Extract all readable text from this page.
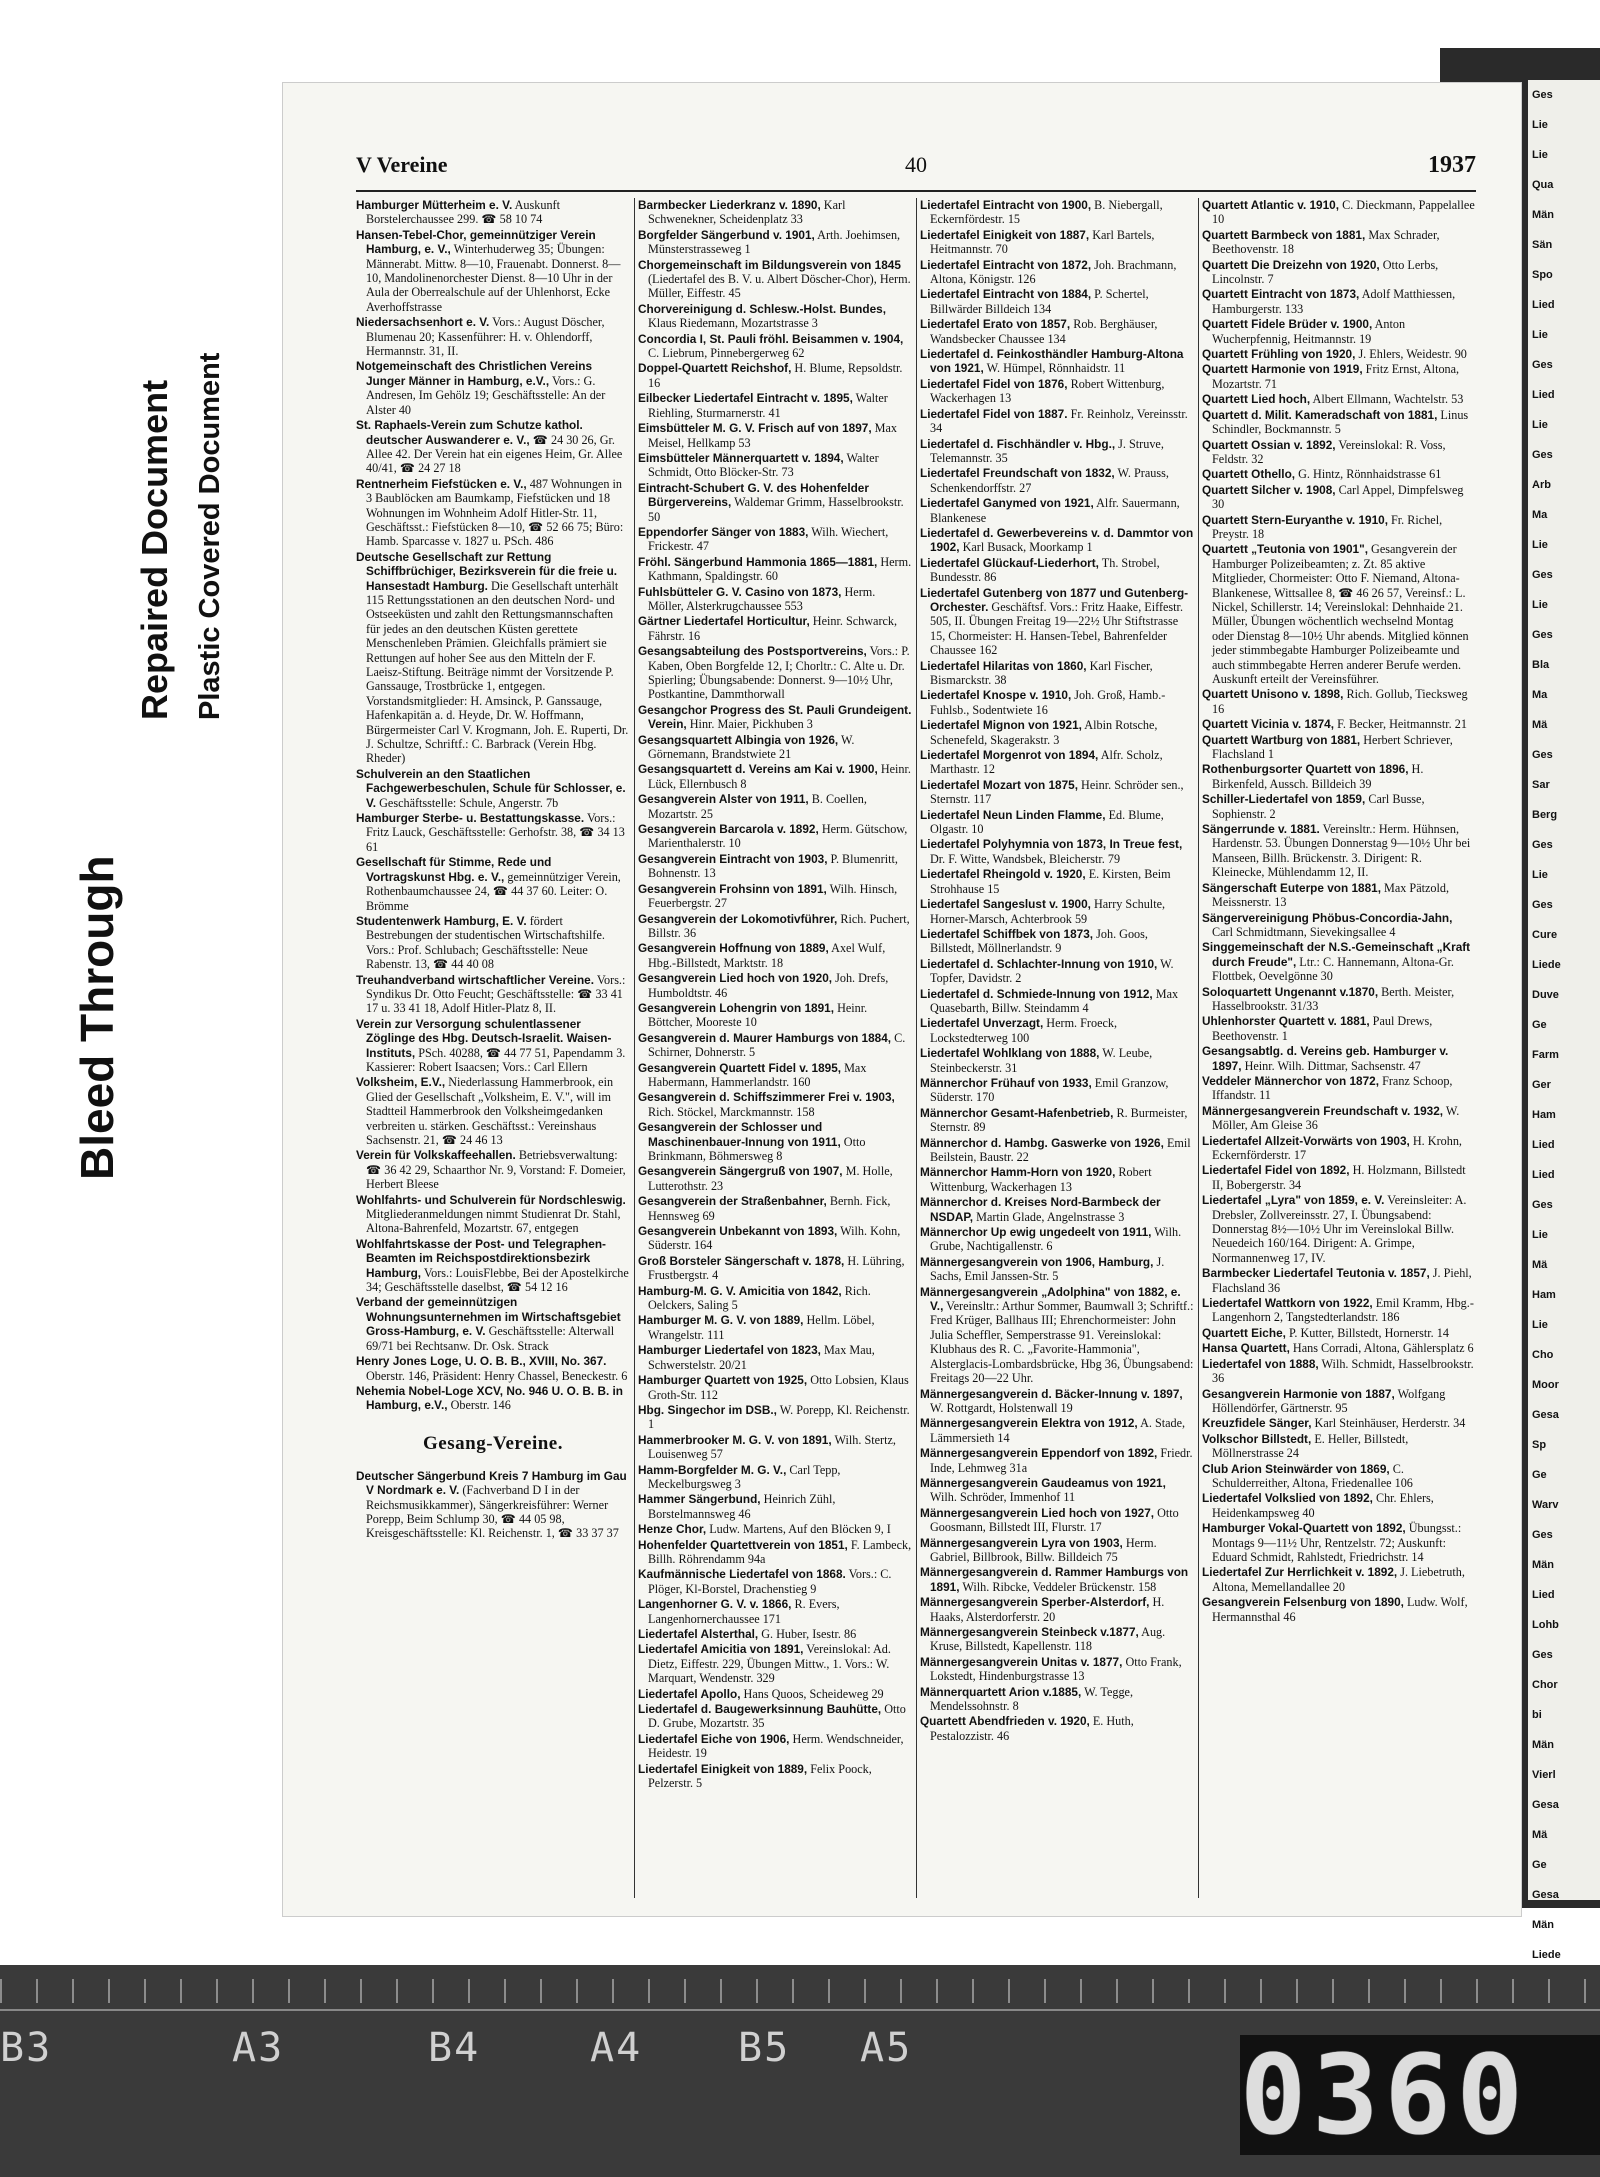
Bleed Through
Repaired Document Plastic Covered Document
Ges
Lie
Lie
Qua
Män
Sän
Spo
Lied
Lie
Ges
Lied
Lie
Ges
Arb
Ma
Lie
Ges
Lie
Ges
Bla
Ma
Mä
Ges
Sar
Berg
Ges
Lie
Ges
Cure
Liede
Duve
Ge
Farm
Ger
Ham
Lied
Lied
Ges
Lie
Mä
Ham
Lie
Cho
Moor
Gesa
Sp
Ge
Warv
Ges
Män
Lied
Lohb
Ges
Chor
bi
Män
Vierl
Gesa
Mä
Ge
Gesa
Män
Liede
V Vereine	40	1937
Hamburger Mütterheim e. V. Auskunft Borstelerchaussee 299. ☎ 58 10 74
Hansen-Tebel-Chor, gemeinnütziger Verein Hamburg, e. V., Winterhuderweg 35; Übungen: Männerabt. Mittw. 8—10, Frauenabt. Donnerst. 8—10, Mandolinenorchester Dienst. 8—10 Uhr in der Aula der Oberrealschule auf der Uhlenhorst, Ecke Averhoffstrasse
Niedersachsenhort e. V. Vors.: August Döscher, Blumenau 20; Kassenführer: H. v. Ohlendorff, Hermannstr. 31, II.
Notgemeinschaft des Christlichen Vereins Junger Männer in Hamburg, e.V., Vors.: G. Andresen, Im Gehölz 19; Geschäftsstelle: An der Alster 40
St. Raphaels-Verein zum Schutze kathol. deutscher Auswanderer e. V., ☎ 24 30 26, Gr. Allee 42. Der Verein hat ein eigenes Heim, Gr. Allee 40/41, ☎ 24 27 18
Rentnerheim Fiefstücken e. V., 487 Wohnungen in 3 Baublöcken am Baumkamp, Fiefstücken und 18 Wohnungen im Wohnheim Adolf Hitler-Str. 11, Geschäftsst.: Fiefstücken 8—10, ☎ 52 66 75; Büro: Hamb. Sparcasse v. 1827 u. PSch. 486
Deutsche Gesellschaft zur Rettung Schiffbrüchiger, Bezirksverein für die freie u. Hansestadt Hamburg. Die Gesellschaft unterhält 115 Rettungsstationen an den deutschen Nord- und Ostseeküsten und zahlt den Rettungsmannschaften für jedes an den deutschen Küsten gerettete Menschenleben Prämien. Gleichfalls prämiert sie Rettungen auf hoher See aus den Mitteln der F. Laeisz-Stiftung. Beiträge nimmt der Vorsitzende P. Ganssauge, Trostbrücke 1, entgegen. Vorstandsmitglieder: H. Amsinck, P. Ganssauge, Hafenkapitän a. d. Heyde, Dr. W. Hoffmann, Bürgermeister Carl V. Krogmann, Joh. E. Ruperti, Dr. J. Schultze, Schriftf.: C. Barbrack (Verein Hbg. Rheder)
Schulverein an den Staatlichen Fachgewerbeschulen, Schule für Schlosser, e. V. Geschäftsstelle: Schule, Angerstr. 7b
Hamburger Sterbe- u. Bestattungskasse. Vors.: Fritz Lauck, Geschäftsstelle: Gerhofstr. 38, ☎ 34 13 61
Gesellschaft für Stimme, Rede und Vortragskunst Hbg. e. V., gemeinnütziger Verein, Rothenbaumchaussee 24, ☎ 44 37 60. Leiter: O. Brömme
Studentenwerk Hamburg, E. V. fördert Bestrebungen der studentischen Wirtschaftshilfe. Vors.: Prof. Schlubach; Geschäftsstelle: Neue Rabenstr. 13, ☎ 44 40 08
Treuhandverband wirtschaftlicher Vereine. Vors.: Syndikus Dr. Otto Feucht; Geschäftsstelle: ☎ 33 41 17 u. 33 41 18, Adolf Hitler-Platz 8, II.
Verein zur Versorgung schulentlassener Zöglinge des Hbg. Deutsch-Israelit. Waisen-Instituts, PSch. 40288, ☎ 44 77 51, Papendamm 3. Kassierer: Robert Isaacsen; Vors.: Carl Ellern
Volksheim, E.V., Niederlassung Hammerbrook, ein Glied der Gesellschaft „Volksheim, E. V.", will im Stadtteil Hammerbrook den Volksheimgedanken verbreiten u. stärken. Geschäftsst.: Vereinshaus Sachsenstr. 21, ☎ 24 46 13
Verein für Volkskaffeehallen. Betriebsverwaltung: ☎ 36 42 29, Schaarthor Nr. 9, Vorstand: F. Domeier, Herbert Bleese
Wohlfahrts- und Schulverein für Nordschleswig. Mitgliederanmeldungen nimmt Studienrat Dr. Stahl, Altona-Bahrenfeld, Mozartstr. 67, entgegen
Wohlfahrtskasse der Post- und Telegraphen-Beamten im Reichspostdirektionsbezirk Hamburg, Vors.: LouisFlebbe, Bei der Apostelkirche 34; Geschäftsstelle daselbst, ☎ 54 12 16
Verband der gemeinnützigen Wohnungsunternehmen im Wirtschaftsgebiet Gross-Hamburg, e. V. Geschäftsstelle: Alterwall 69/71 bei Rechtsanw. Dr. Osk. Strack
Henry Jones Loge, U. O. B. B., XVIII, No. 367. Oberstr. 146, Präsident: Henry Chassel, Beneckestr. 6
Nehemia Nobel-Loge XCV, No. 946 U. O. B. B. in Hamburg, e.V., Oberstr. 146
Gesang-Vereine.
Deutscher Sängerbund Kreis 7 Hamburg im Gau V Nordmark e. V. (Fachverband D I in der Reichsmusikkammer), Sängerkreisführer: Werner Porepp, Beim Schlump 30, ☎ 44 05 98, Kreisgeschäftsstelle: Kl. Reichenstr. 1, ☎ 33 37 37
Barmbecker Liederkranz v. 1890, Karl Schwenekner, Scheidenplatz 33
Borgfelder Sängerbund v. 1901, Arth. Joehimsen, Münsterstrasseweg 1
Chorgemeinschaft im Bildungsverein von 1845 (Liedertafel des B. V. u. Albert Döscher-Chor), Herm. Müller, Eiffestr. 45
Chorvereinigung d. Schlesw.-Holst. Bundes, Klaus Riedemann, Mozartstrasse 3
Concordia I, St. Pauli fröhl. Beisammen v. 1904, C. Liebrum, Pinnebergerweg 62
Doppel-Quartett Reichshof, H. Blume, Repsoldstr. 16
Eilbecker Liedertafel Eintracht v. 1895, Walter Riehling, Sturmarnerstr. 41
Eimsbütteler M. G. V. Frisch auf von 1897, Max Meisel, Hellkamp 53
Eimsbütteler Männerquartett v. 1894, Walter Schmidt, Otto Blöcker-Str. 73
Eintracht-Schubert G. V. des Hohenfelder Bürgervereins, Waldemar Grimm, Hasselbrookstr. 50
Eppendorfer Sänger von 1883, Wilh. Wiechert, Frickestr. 47
Fröhl. Sängerbund Hammonia 1865—1881, Herm. Kathmann, Spaldingstr. 60
Fuhlsbütteler G. V. Casino von 1873, Herm. Möller, Alsterkrugchaussee 553
Gärtner Liedertafel Horticultur, Heinr. Schwarck, Fährstr. 16
Gesangsabteilung des Postsportvereins, Vors.: P. Kaben, Oben Borgfelde 12, I; Chorltr.: C. Alte u. Dr. Spierling; Übungsabende: Donnerst. 9—10½ Uhr, Postkantine, Dammthorwall
Gesangchor Progress des St. Pauli Grundeigent. Verein, Hinr. Maier, Pickhuben 3
Gesangsquartett Albingia von 1926, W. Görnemann, Brandstwiete 21
Gesangsquartett d. Vereins am Kai v. 1900, Heinr. Lück, Ellernbusch 8
Gesangverein Alster von 1911, B. Coellen, Mozartstr. 25
Gesangverein Barcarola v. 1892, Herm. Gütschow, Marienthalerstr. 10
Gesangverein Eintracht von 1903, P. Blumenritt, Bohnenstr. 13
Gesangverein Frohsinn von 1891, Wilh. Hinsch, Feuerbergstr. 27
Gesangverein der Lokomotivführer, Rich. Puchert, Billstr. 36
Gesangverein Hoffnung von 1889, Axel Wulf, Hbg.-Billstedt, Marktstr. 18
Gesangverein Lied hoch von 1920, Joh. Drefs, Humboldtstr. 46
Gesangverein Lohengrin von 1891, Heinr. Böttcher, Mooreste 10
Gesangverein d. Maurer Hamburgs von 1884, C. Schirner, Dohnerstr. 5
Gesangverein Quartett Fidel v. 1895, Max Habermann, Hammerlandstr. 160
Gesangverein d. Schiffszimmerer Frei v. 1903, Rich. Stöckel, Marckmannstr. 158
Gesangverein der Schlosser und Maschinenbauer-Innung von 1911, Otto Brinkmann, Böhmersweg 8
Gesangverein Sängergruß von 1907, M. Holle, Lutterothstr. 23
Gesangverein der Straßenbahner, Bernh. Fick, Hennsweg 69
Gesangverein Unbekannt von 1893, Wilh. Kohn, Süderstr. 164
Groß Borsteler Sängerschaft v. 1878, H. Lühring, Frustbergstr. 4
Hamburg-M. G. V. Amicitia von 1842, Rich. Oelckers, Saling 5
Hamburger M. G. V. von 1889, Hellm. Löbel, Wrangelstr. 111
Hamburger Liedertafel von 1823, Max Mau, Schwerstelstr. 20/21
Hamburger Quartett von 1925, Otto Lobsien, Klaus Groth-Str. 112
Hbg. Singechor im DSB., W. Porepp, Kl. Reichenstr. 1
Hammerbrooker M. G. V. von 1891, Wilh. Stertz, Louisenweg 57
Hamm-Borgfelder M. G. V., Carl Tepp, Meckelburgsweg 3
Hammer Sängerbund, Heinrich Zühl, Borstelmannsweg 46
Henze Chor, Ludw. Martens, Auf den Blöcken 9, I
Hohenfelder Quartettverein von 1851, F. Lambeck, Billh. Röhrendamm 94a
Kaufmännische Liedertafel von 1868. Vors.: C. Plöger, Kl-Borstel, Drachenstieg 9
Langenhorner G. V. v. 1866, R. Evers, Langenhornerchaussee 171
Liedertafel Alsterthal, G. Huber, Isestr. 86
Liedertafel Amicitia von 1891, Vereinslokal: Ad. Dietz, Eiffestr. 229, Übungen Mittw., 1. Vors.: W. Marquart, Wendenstr. 329
Liedertafel Apollo, Hans Quoos, Scheideweg 29
Liedertafel d. Baugewerksinnung Bauhütte, Otto D. Grube, Mozartstr. 35
Liedertafel Eiche von 1906, Herm. Wendschneider, Heidestr. 19
Liedertafel Einigkeit von 1889, Felix Poock, Pelzerstr. 5
Liedertafel Eintracht von 1900, B. Niebergall, Eckernfördestr. 15
Liedertafel Einigkeit von 1887, Karl Bartels, Heitmannstr. 70
Liedertafel Eintracht von 1872, Joh. Brachmann, Altona, Königstr. 126
Liedertafel Eintracht von 1884, P. Schertel, Billwärder Billdeich 134
Liedertafel Erato von 1857, Rob. Berghäuser, Wandsbecker Chaussee 134
Liedertafel d. Feinkosthändler Hamburg-Altona von 1921, W. Hümpel, Rönnhaidstr. 11
Liedertafel Fidel von 1876, Robert Wittenburg, Wackerhagen 13
Liedertafel Fidel von 1887. Fr. Reinholz, Vereinsstr. 34
Liedertafel d. Fischhändler v. Hbg., J. Struve, Telemannstr. 35
Liedertafel Freundschaft von 1832, W. Prauss, Schenkendorffstr. 27
Liedertafel Ganymed von 1921, Alfr. Sauermann, Blankenese
Liedertafel d. Gewerbevereins v. d. Dammtor von 1902, Karl Busack, Moorkamp 1
Liedertafel Glückauf-Liederhort, Th. Strobel, Bundesstr. 86
Liedertafel Gutenberg von 1877 und Gutenberg-Orchester. Geschäftsf. Vors.: Fritz Haake, Eiffestr. 505, II. Übungen Freitag 19—22½ Uhr Stiftstrasse 15, Chormeister: H. Hansen-Tebel, Bahrenfelder Chaussee 162
Liedertafel Hilaritas von 1860, Karl Fischer, Bismarckstr. 38
Liedertafel Knospe v. 1910, Joh. Groß, Hamb.-Fuhlsb., Sodentwiete 16
Liedertafel Mignon von 1921, Albin Rotsche, Schenefeld, Skagerakstr. 3
Liedertafel Morgenrot von 1894, Alfr. Scholz, Marthastr. 12
Liedertafel Mozart von 1875, Heinr. Schröder sen., Sternstr. 117
Liedertafel Neun Linden Flamme, Ed. Blume, Olgastr. 10
Liedertafel Polyhymnia von 1873, In Treue fest, Dr. F. Witte, Wandsbek, Bleicherstr. 79
Liedertafel Rheingold v. 1920, E. Kirsten, Beim Strohhause 15
Liedertafel Sangeslust v. 1900, Harry Schulte, Horner-Marsch, Achterbrook 59
Liedertafel Schiffbek von 1873, Joh. Goos, Billstedt, Möllnerlandstr. 9
Liedertafel d. Schlachter-Innung von 1910, W. Topfer, Davidstr. 2
Liedertafel d. Schmiede-Innung von 1912, Max Quasebarth, Billw. Steindamm 4
Liedertafel Unverzagt, Herm. Froeck, Lockstedterweg 100
Liedertafel Wohlklang von 1888, W. Leube, Steinbeckerstr. 31
Männerchor Frühauf von 1933, Emil Granzow, Süderstr. 170
Männerchor Gesamt-Hafenbetrieb, R. Burmeister, Sternstr. 89
Männerchor d. Hambg. Gaswerke von 1926, Emil Beilstein, Baustr. 22
Männerchor Hamm-Horn von 1920, Robert Wittenburg, Wackerhagen 13
Männerchor d. Kreises Nord-Barmbeck der NSDAP, Martin Glade, Angelnstrasse 3
Männerchor Up ewig ungedeelt von 1911, Wilh. Grube, Nachtigallenstr. 6
Männergesangverein von 1906, Hamburg, J. Sachs, Emil Janssen-Str. 5
Männergesangverein „Adolphina" von 1882, e. V., Vereinsltr.: Arthur Sommer, Baumwall 3; Schriftf.: Fred Krüger, Ballhaus III; Ehrenchormeister: John Julia Scheffler, Semperstrasse 91. Vereinslokal: Klubhaus des R. C. „Favorite-Hammonia", Alsterglacis-Lombardsbrücke, Hbg 36, Übungsabend: Freitags 20—22 Uhr.
Männergesangverein d. Bäcker-Innung v. 1897, W. Rottgardt, Holstenwall 19
Männergesangverein Elektra von 1912, A. Stade, Lämmersieth 14
Männergesangverein Eppendorf von 1892, Friedr. Inde, Lehmweg 31a
Männergesangverein Gaudeamus von 1921, Wilh. Schröder, Immenhof 11
Männergesangverein Lied hoch von 1927, Otto Goosmann, Billstedt III, Flurstr. 17
Männergesangverein Lyra von 1903, Herm. Gabriel, Billbrook, Billw. Billdeich 75
Männergesangverein d. Rammer Hamburgs von 1891, Wilh. Ribcke, Veddeler Brückenstr. 158
Männergesangverein Sperber-Alsterdorf, H. Haaks, Alsterdorferstr. 20
Männergesangverein Steinbeck v.1877, Aug. Kruse, Billstedt, Kapellenstr. 118
Männergesangverein Unitas v. 1877, Otto Frank, Lokstedt, Hindenburgstrasse 13
Männerquartett Arion v.1885, W. Tegge, Mendelssohnstr. 8
Quartett Abendfrieden v. 1920, E. Huth, Pestalozzistr. 46
Quartett Atlantic v. 1910, C. Dieckmann, Pappelallee 10
Quartett Barmbeck von 1881, Max Schrader, Beethovenstr. 18
Quartett Die Dreizehn von 1920, Otto Lerbs, Lincolnstr. 7
Quartett Eintracht von 1873, Adolf Matthiessen, Hamburgerstr. 133
Quartett Fidele Brüder v. 1900, Anton Wucherpfennig, Heitmannstr. 19
Quartett Frühling von 1920, J. Ehlers, Weidestr. 90
Quartett Harmonie von 1919, Fritz Ernst, Altona, Mozartstr. 71
Quartett Lied hoch, Albert Ellmann, Wachtelstr. 53
Quartett d. Milit. Kameradschaft von 1881, Linus Schindler, Bockmannstr. 5
Quartett Ossian v. 1892, Vereinslokal: R. Voss, Feldstr. 32
Quartett Othello, G. Hintz, Rönnhaidstrasse 61
Quartett Silcher v. 1908, Carl Appel, Dimpfelsweg 30
Quartett Stern-Euryanthe v. 1910, Fr. Richel, Preystr. 18
Quartett „Teutonia von 1901", Gesangverein der Hamburger Polizeibeamten; z. Zt. 85 aktive Mitglieder, Chormeister: Otto F. Niemand, Altona-Blankenese, Wittsallee 8, ☎ 46 26 57, Vereinsf.: L. Nickel, Schillerstr. 14; Vereinslokal: Dehnhaide 21. Müller, Übungen wöchentlich wechselnd Montag oder Dienstag 8—10½ Uhr abends. Mitglied können jeder stimmbegabte Hamburger Polizeibeamte und auch stimmbegabte Herren anderer Berufe werden. Auskunft erteilt der Vereinsführer.
Quartett Unisono v. 1898, Rich. Gollub, Tiecksweg 16
Quartett Vicinia v. 1874, F. Becker, Heitmannstr. 21
Quartett Wartburg von 1881, Herbert Schriever, Flachsland 1
Rothenburgsorter Quartett von 1896, H. Birkenfeld, Aussch. Billdeich 39
Schiller-Liedertafel von 1859, Carl Busse, Sophienstr. 2
Sängerrunde v. 1881. Vereinsltr.: Herm. Hühnsen, Hardenstr. 53. Übungen Donnerstag 9—10½ Uhr bei Manseen, Billh. Brückenstr. 3. Dirigent: R. Kleinecke, Mühlendamm 12, II.
Sängerschaft Euterpe von 1881, Max Pätzold, Meissnerstr. 13
Sängervereinigung Phöbus-Concordia-Jahn, Carl Schmidtmann, Sievekingsallee 4
Singgemeinschaft der N.S.-Gemeinschaft „Kraft durch Freude", Ltr.: C. Hannemann, Altona-Gr. Flottbek, Oevelgönne 30
Soloquartett Ungenannt v.1870, Berth. Meister, Hasselbrookstr. 31/33
Uhlenhorster Quartett v. 1881, Paul Drews, Beethovenstr. 1
Gesangsabtlg. d. Vereins geb. Hamburger v. 1897, Heinr. Wilh. Dittmar, Sachsenstr. 47
Veddeler Männerchor von 1872, Franz Schoop, Iffandstr. 11
Männergesangverein Freundschaft v. 1932, W. Möller, Am Gleise 36
Liedertafel Allzeit-Vorwärts von 1903, H. Krohn, Eckernförderstr. 17
Liedertafel Fidel von 1892, H. Holzmann, Billstedt II, Bobergerstr. 34
Liedertafel „Lyra" von 1859, e. V. Vereinsleiter: A. Drebsler, Zollvereinsstr. 27, I. Übungsabend: Donnerstag 8½—10½ Uhr im Vereinslokal Billw. Neuedeich 160/164. Dirigent: A. Grimpe, Normannenweg 17, IV.
Barmbecker Liedertafel Teutonia v. 1857, J. Piehl, Flachsland 36
Liedertafel Wattkorn von 1922, Emil Kramm, Hbg.-Langenhorn 2, Tangstedterlandstr. 186
Quartett Eiche, P. Kutter, Billstedt, Hornerstr. 14
Hansa Quartett, Hans Corradi, Altona, Gählersplatz 6
Liedertafel von 1888, Wilh. Schmidt, Hasselbrookstr. 36
Gesangverein Harmonie von 1887, Wolfgang Höllendörfer, Gärtnerstr. 95
Kreuzfidele Sänger, Karl Steinhäuser, Herderstr. 34
Volkschor Billstedt, E. Heller, Billstedt, Möllnerstrasse 24
Club Arion Steinwärder von 1869, C. Schulderreither, Altona, Friedenallee 106
Liedertafel Volkslied von 1892, Chr. Ehlers, Heidenkampsweg 40
Hamburger Vokal-Quartett von 1892, Übungsst.: Montags 9—11½ Uhr, Rentzelstr. 72; Auskunft: Eduard Schmidt, Rahlstedt, Friedrichstr. 14
Liedertafel Zur Herrlichkeit v. 1892, J. Liebetruth, Altona, Memellandallee 20
Gesangverein Felsenburg von 1890, Ludw. Wolf, Hermannsthal 46
B3	A3	B4	A4 B5 A5	0360
